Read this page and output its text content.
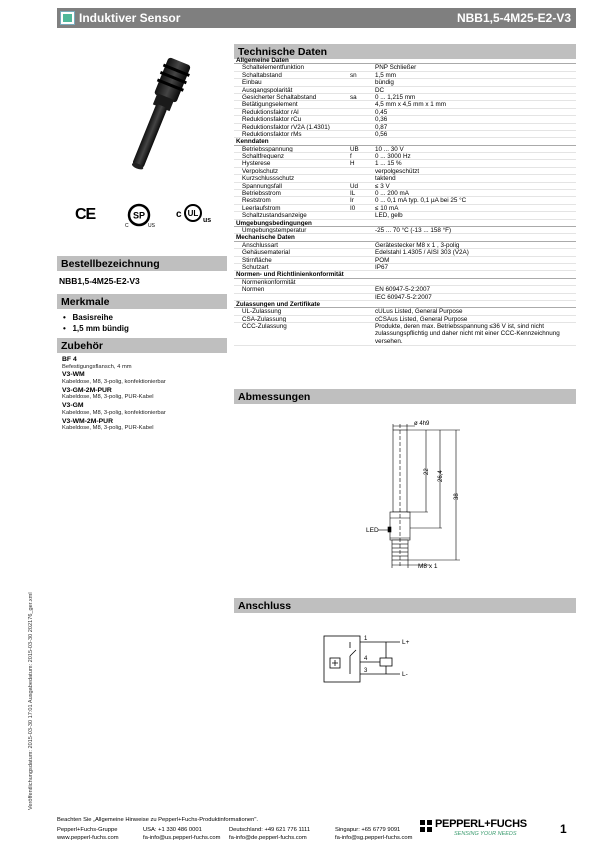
Induktiver Sensor	NBB1,5-4M25-E2-V3
CE	SP
C	US
c UL
us
Bestellbezeichnung
NBB1,5-4M25-E2-V3
Merkmale
•   Basisreihe
•   1,5 mm bündig
Zubehör
BF 4
Befestigungsflansch, 4 mm
V3-WM
Kabeldose, M8, 3-polig, konfektionierbar
V3-GM-2M-PUR
Kabeldose, M8, 3-polig, PUR-Kabel
V3-GM
Kabeldose, M8, 3-polig, konfektionierbar
V3-WM-2M-PUR
Kabeldose, M8, 3-polig, PUR-Kabel
Technische Daten
Allgemeine Daten
Schaltelementfunktion	PNP Schließer
Schaltabstand	sn	1,5 mm
Einbau	bündig
Ausgangspolarität	DC
Gesicherter Schaltabstand	sa	0 ... 1,215 mm
Betätigungselement	4,5 mm x 4,5 mm x 1 mm
Reduktionsfaktor rAl	0,45
Reduktionsfaktor rCu	0,36
Reduktionsfaktor rV2A (1.4301)	0,87
Reduktionsfaktor rMs	0,56
Kenndaten
Betriebsspannung	UB	10 ... 30 V
Schaltfrequenz	f	0 ... 3000 Hz
Hysterese	H	1 ... 15 %
Verpolschutz	verpolgeschützt
Kurzschlussschutz	taktend
Spannungsfall	Ud	≤ 3 V
Betriebsstrom	IL	0 ... 200 mA
Reststrom	Ir	0 ... 0,1 mA typ. 0,1 µA bei 25 °C
Leerlaufstrom	I0	≤ 10 mA
Schaltzustandsanzeige	LED, gelb
Umgebungsbedingungen
Umgebungstemperatur	-25 ... 70 °C (-13 ... 158 °F)
Mechanische Daten
Anschlussart	Gerätestecker M8 x 1 , 3-polig
Gehäusematerial	Edelstahl 1.4305 / AISI 303 (V2A)
Stirnfläche	POM
Schutzart	IP67
Normen- und Richtlinienkonformität
Normenkonformität
Normen	EN 60947-5-2:2007
IEC 60947-5-2:2007
Zulassungen und Zertifikate
UL-Zulassung	cULus Listed, General Purpose
CSA-Zulassung	cCSAus Listed, General Purpose
CCC-Zulassung	Produkte, deren max. Betriebsspannung ≤36 V ist, sind nicht zulassungspflichtig und daher nicht mit einer CCC-Kennzeichnung versehen.
Abmessungen
ø 4h9
22 26,4
38
LED
M8 x 1
Anschluss
1
4
3
L+
L-
Veröffentlichungsdatum: 2015-03-30 17:01 Ausgabedatum: 2015-03-30 202176_ger.xml
Beachten Sie „Allgemeine Hinweise zu Pepperl+Fuchs-Produktinformationen".
Pepperl+Fuchs-Gruppe
www.pepperl-fuchs.com
USA: +1 330 486 0001
fa-info@us.pepperl-fuchs.com
Deutschland: +49 621 776 1111
fa-info@de.pepperl-fuchs.com
Singapur: +65 6779 9091
fa-info@sg.pepperl-fuchs.com
PEPPERL+FUCHS
SENSING YOUR NEEDS	1
